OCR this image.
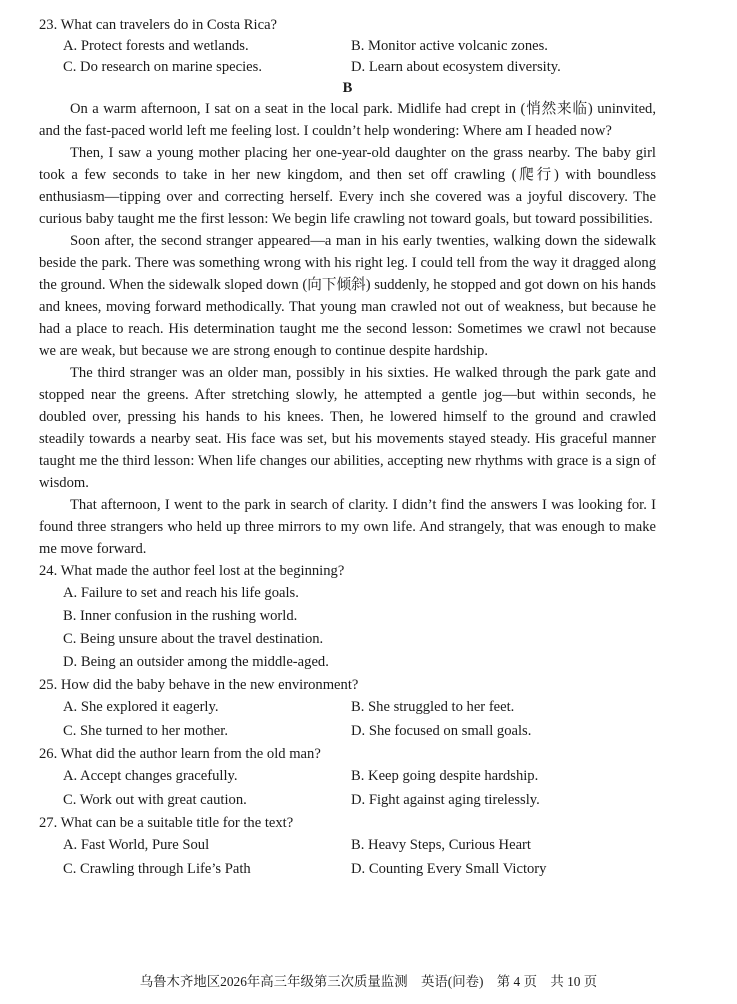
23. What can travelers do in Costa Rica?
A. Protect forests and wetlands.	B. Monitor active volcanic zones.
C. Do research on marine species.	D. Learn about ecosystem diversity.
B

On a warm afternoon, I sat on a seat in the local park. Midlife had crept in (悄然来临) uninvited, and the fast-paced world left me feeling lost. I couldn’t help wondering: Where am I headed now?

Then, I saw a young mother placing her one-year-old daughter on the grass nearby. The baby girl took a few seconds to take in her new kingdom, and then set off crawling (爬行) with boundless enthusiasm—tipping over and correcting herself. Every inch she covered was a joyful discovery. The curious baby taught me the first lesson: We begin life crawling not toward goals, but toward possibilities.

Soon after, the second stranger appeared—a man in his early twenties, walking down the sidewalk beside the park. There was something wrong with his right leg. I could tell from the way it dragged along the ground. When the sidewalk sloped down (向下倾斜) suddenly, he stopped and got down on his hands and knees, moving forward methodically. That young man crawled not out of weakness, but because he had a place to reach. His determination taught me the second lesson: Sometimes we crawl not because we are weak, but because we are strong enough to continue despite hardship.

The third stranger was an older man, possibly in his sixties. He walked through the park gate and stopped near the greens. After stretching slowly, he attempted a gentle jog—but within seconds, he doubled over, pressing his hands to his knees. Then, he lowered himself to the ground and crawled steadily towards a nearby seat. His face was set, but his movements stayed steady. His graceful manner taught me the third lesson: When life changes our abilities, accepting new rhythms with grace is a sign of wisdom.

That afternoon, I went to the park in search of clarity. I didn’t find the answers I was looking for. I found three strangers who held up three mirrors to my own life. And strangely, that was enough to make me move forward.

24. What made the author feel lost at the beginning?
A. Failure to set and reach his life goals.
B. Inner confusion in the rushing world.
C. Being unsure about the travel destination.
D. Being an outsider among the middle-aged.
25. How did the baby behave in the new environment?
A. She explored it eagerly.	B. She struggled to her feet.
C. She turned to her mother.	D. She focused on small goals.
26. What did the author learn from the old man?
A. Accept changes gracefully.	B. Keep going despite hardship.
C. Work out with great caution.	D. Fight against aging tirelessly.
27. What can be a suitable title for the text?
A. Fast World, Pure Soul	B. Heavy Steps, Curious Heart
C. Crawling through Life’s Path	D. Counting Every Small Victory
乌鲁木齐地区2026年高三年级第三次质量监测 英语(问卷) 第 4 页 共 10 页
